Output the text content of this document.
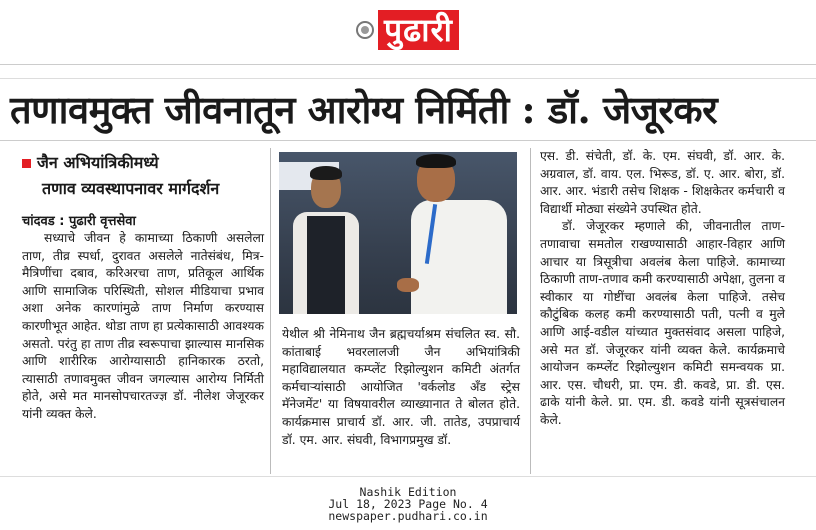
पुढारी
तणावमुक्त जीवनातून आरोग्य निर्मिती : डॉ. जेजूरकर
जैन अभियांत्रिकीमध्ये
तणाव व्यवस्थापनावर मार्गदर्शन
चांदवड : पुढारी वृत्तसेवा
सध्याचे जीवन हे कामाच्या ठिकाणी असलेला ताण, तीव्र स्पर्धा, दुरावत असलेले नातेसंबंध, मित्र-मैत्रिणींचा दबाव, करिअरचा ताण, प्रतिकूल आर्थिक आणि सामाजिक परिस्थिती, सोशल मीडियाचा प्रभाव अशा अनेक कारणांमुळे ताण निर्माण करण्यास कारणीभूत आहेत. थोडा ताण हा प्रत्येकासाठी आवश्यक असतो. परंतु हा ताण तीव्र स्वरूपाचा झाल्यास मानसिक आणि शारीरिक आरोग्यासाठी हानिकारक ठरतो, त्यासाठी तणावमुक्त जीवन जगल्यास आरोग्य निर्मिती होते, असे मत मानसोपचारतज्ज्ञ डॉ. नीलेश जेजूरकर यांनी व्यक्त केले.
येथील श्री नेमिनाथ जैन ब्रह्मचर्याश्रम संचलित स्व. सौ. कांताबाई भवरलालजी जैन अभियांत्रिकी महाविद्यालयात कम्प्लेंट रिझोल्युशन कमिटी अंतर्गत कर्मचाऱ्यांसाठी आयोजित 'वर्कलोड अँड स्ट्रेस मॅनेजमेंट' या विषयावरील व्याख्यानात ते बोलत होते. कार्यक्रमास प्राचार्य डॉ. आर. जी. तातेड, उपप्राचार्य डॉ. एम. आर. संघवी, विभागप्रमुख डॉ.
एस. डी. संचेती, डॉ. के. एम. संघवी, डॉ. आर. के. अग्रवाल, डॉ. वाय. एल. भिरूड, डॉ. ए. आर. बोरा, डॉ. आर. आर. भंडारी तसेच शिक्षक - शिक्षकेतर कर्मचारी व विद्यार्थी मोठ्या संख्येने उपस्थित होते.
डॉ. जेजूरकर म्हणाले की, जीवनातील ताण-तणावाचा समतोल राखण्यासाठी आहार-विहार आणि आचार या त्रिसूत्रीचा अवलंब केला पाहिजे. कामाच्या ठिकाणी ताण-तणाव कमी करण्यासाठी अपेक्षा, तुलना व स्वीकार या गोष्टींचा अवलंब केला पाहिजे. तसेच कौटुंबिक कलह कमी करण्यासाठी पती, पत्नी व मुले आणि आई-वडील यांच्यात मुक्तसंवाद असला पाहिजे, असे मत डॉ. जेजूरकर यांनी व्यक्त केले. कार्यक्रमाचे आयोजन कम्प्लेंट रिझोल्युशन कमिटी समन्वयक प्रा. आर. एस. चौधरी, प्रा. एम. डी. कवडे, प्रा. डी. एस. ढाके यांनी केले. प्रा. एम. डी. कवडे यांनी सूत्रसंचालन केले.
Nashik Edition
Jul 18, 2023 Page No. 4
newspaper.pudhari.co.in
